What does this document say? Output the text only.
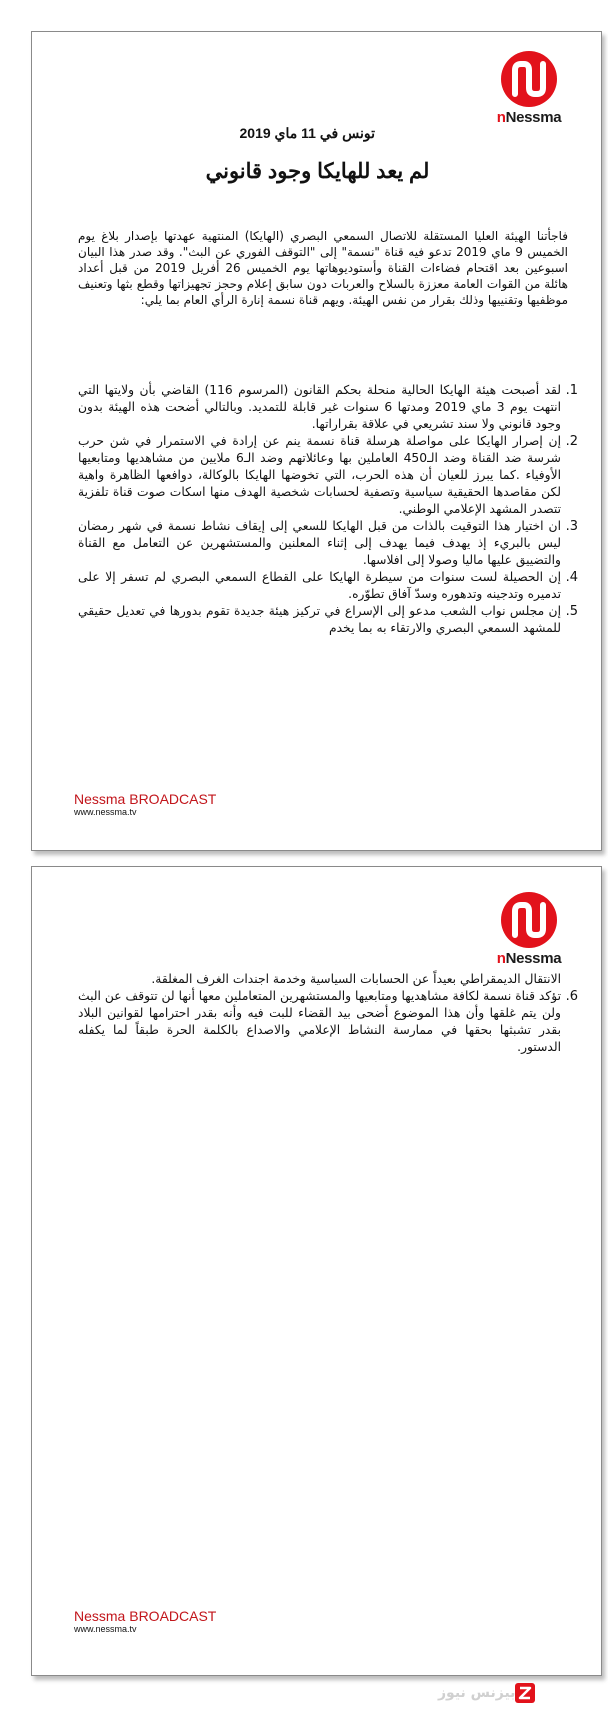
nNessma
تونس في 11 ماي 2019
لم يعد للهايكا وجود قانوني
فاجأتنا الهيئة العليا المستقلة للاتصال السمعي البصري (الهايكا) المنتهية عهدتها بإصدار بلاغ يوم الخميس 9 ماي 2019 تدعو فيه قناة "نسمة" إلى "التوقف الفوري عن البث". وقد صدر هذا البيان اسبوعين بعد اقتحام فضاءات القناة وأستوديوهاتها يوم الخميس 26 أفريل 2019 من قبل أعداد هائلة من القوات العامة معززة بالسلاح والعربات دون سابق إعلام وحجز تجهيزاتها وقطع بثها وتعنيف موظفيها وتقنييها وذلك بقرار من نفس الهيئة. ويهم قناة نسمة إنارة الرأي العام بما يلي:
1.
لقد أصبحت هيئة الهايكا الحالية منحلة بحكم القانون (المرسوم 116) القاضي بأن ولايتها التي انتهت يوم 3 ماي 2019 ومدتها 6 سنوات غير قابلة للتمديد. وبالتالي أضحت هذه الهيئة بدون وجود قانوني ولا سند تشريعي في علاقة بقراراتها.
2.
إن إصرار الهايكا على مواصلة هرسلة قناة نسمة ينم عن إرادة في الاستمرار في شن حرب شرسة ضد القناة وضد الـ450 العاملين بها وعائلاتهم وضد الـ6 ملايين من مشاهديها ومتابعيها الأوفياء .كما يبرز للعيان أن هذه الحرب، التي تخوضها الهايكا بالوكالة، دوافعها الظاهرة واهية لكن مقاصدها الحقيقية سياسية وتصفية لحسابات شخصية الهدف منها اسكات صوت قناة تلفزية تتصدر المشهد الإعلامي الوطني.
3.
ان اختيار هذا التوقيت بالذات من قبل الهايكا للسعي إلى إيقاف نشاط نسمة في شهر رمضان ليس بالبريء إذ يهدف فيما يهدف إلى إثناء المعلنين والمستشهرين عن التعامل مع القناة والتضييق عليها ماليا وصولا إلى افلاسها.
4.
إن الحصيلة لست سنوات من سيطرة الهايكا على القطاع السمعي البصري لم تسفر إلا على تدميره وتدجينه وتدهوره وسدّ آفاق تطوّره.
5.
إن مجلس نواب الشعب مدعو إلى الإسراع في تركيز هيئة جديدة تقوم بدورها في تعديل حقيقي للمشهد السمعي البصري والارتقاء به بما يخدم
Nessma BROADCAST
www.nessma.tv
nNessma
الانتقال الديمقراطي بعيداً عن الحسابات السياسية وخدمة اجندات الغرف المغلقة.
6.
تؤكد قناة نسمة لكافة مشاهديها ومتابعيها والمستشهرين المتعاملين معها أنها لن تتوقف عن البث ولن يتم غلقها وأن هذا الموضوع أضحى بيد القضاء للبت فيه وأنه بقدر احترامها لقوانين البلاد بقدر تشبثها بحقها في ممارسة النشاط الإعلامي والاصداع بالكلمة الحرة طبقاً لما يكفله الدستور.
Nessma BROADCAST
www.nessma.tv
بيزنس نيوز
